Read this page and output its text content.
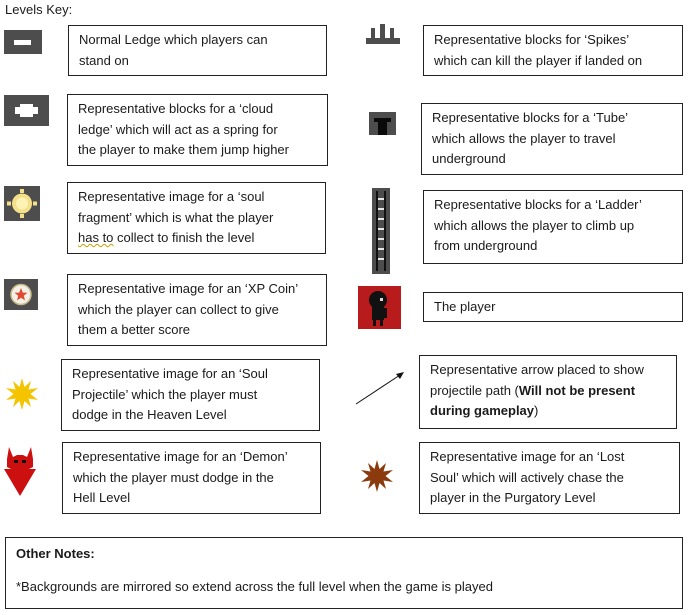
Levels Key:
Normal Ledge which players can
stand on
Representative blocks for a ‘cloud
ledge’ which will act as a spring for
the player to make them jump higher
Representative image for a ‘soul
fragment’ which is what the player
has to collect to finish the level
Representative image for an ‘XP Coin’
which the player can collect to give
them a better score
Representative image for an ‘Soul
Projectile’ which the player must
dodge in the Heaven Level
Representative image for an ‘Demon’
which the player must dodge in the
Hell Level
Representative blocks for ‘Spikes’
which can kill the player if landed on
Representative blocks for a ‘Tube’
which allows the player to travel
underground
Representative blocks for a ‘Ladder’
which allows the player to climb up
from underground
The player
Representative arrow placed to show
projectile path (Will not be present
during gameplay)
Representative image for an ‘Lost
Soul’ which will actively chase the
player in the Purgatory Level
Other Notes:
*Backgrounds are mirrored so extend across the full level when the game is played
